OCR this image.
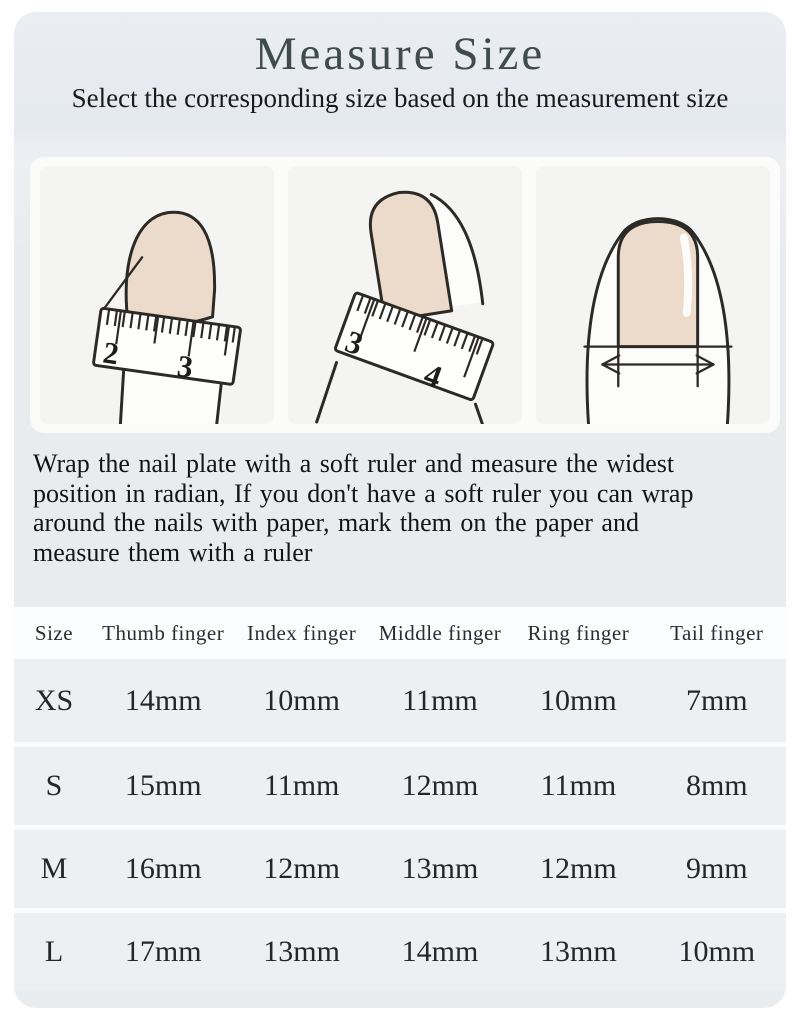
Measure Size
Select the corresponding size based on the measurement size
2 3
3
4
Wrap the nail plate with a soft ruler and measure the widest
position in radian, If you don't have a soft ruler you can wrap
around the nails with paper, mark them on the paper and
measure them with a ruler
Size	Thumb finger	Index finger	Middle finger	Ring finger	Tail finger
XS	14mm	10mm	11mm	10mm	7mm
S	15mm	11mm	12mm	11mm	8mm
M	16mm	12mm	13mm	12mm	9mm
L	17mm	13mm	14mm	13mm	10mm
